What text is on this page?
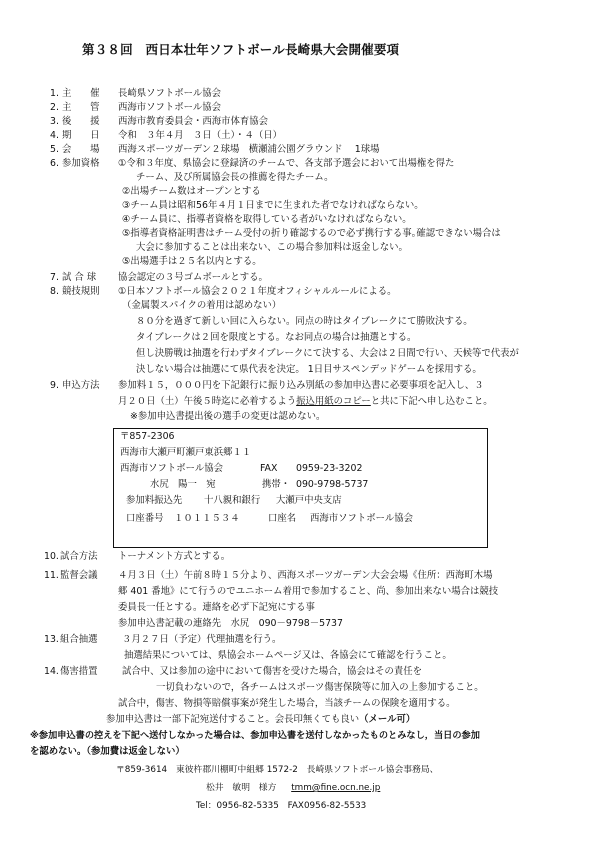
第３８回　西日本壮年ソフトボール長崎県大会開催要項
1. 主　　催 長崎県ソフトボール協会
2. 主　　管 西海市ソフトボール協会
3. 後　　援 西海市教育委員会・西海市体育協会
4. 期　　日 令和　３年４月　３日（土）・４（日）
5. 会　　場 西海スポーツガーデン２球場　横瀬浦公園グラウンド　 1球場
6. 参加資格 ①令和３年度、県協会に登録済のチームで、各支部予選会において出場権を得た
チーム、及び所属協会長の推薦を得たチーム。
②出場チーム数はオープンとする
③チーム員は昭和56年４月１日までに生まれた者でなければならない。
④チーム員に、指導者資格を取得している者がいなければならない。
⑤指導者資格証明書はチーム受付の折り確認するので必ず携行する事｡確認できない場合は
大会に参加することは出来ない、この場合参加料は返金しない。
⑤出場選手は２５名以内とする。
7. 試 合 球 協会認定の３号ゴムボールとする。
8. 競技規則 ①日本ソフトボール協会２０２１年度オフィシャルルールによる。
（金属製スパイクの着用は認めない）
８０分を過ぎて新しい回に入らない。同点の時はタイブレークにて勝敗決する。
タイブレークは２回を限度とする。なお同点の場合は抽選とする。
但し決勝戦は抽選を行わずタイブレークにて決する、大会は２日間で行い、天候等で代表が
決しない場合は抽選にて県代表を決定。 1日目サスペンデッドゲームを採用する。
9. 申込方法 参加料１５，０００円を下記銀行に振り込み別紙の参加申込書に必要事項を記入し、３
月２０日（土）午後５時迄に必着するよう振込用紙のコピーと共に下記へ申し込むこと。
※参加申込書提出後の選手の変更は認めない。
〒857-2306
西海市大瀬戸町瀬戸東浜郷１１
西海市ソフトボール協会	FAX 0959-23-3202
水尻　陽一　宛	携帯・ 090-9798-5737
参加料振込先 十八親和銀行 大瀬戸中央支店
口座番号 １０１１５３４	口座名 西海市ソフトボール協会
10. 試合方法 トーナメント方式とする。
11. 監督会議 ４月３日（土）午前８時１５分より、西海スポーツガーデン大会会場《住所：西海町木場
郷 401 番地》にて行うのでユニホーム着用で参加すること、尚、参加出来ない場合は競技
委員長一任とする。連絡を必ず下記宛にする事
参加申込書記載の連絡先　水尻　090－9798－5737
13. 組合抽選	３月２７日（予定）代理抽選を行う。
抽選結果については、県協会ホームページ又は、各協会にて確認を行うこと。
14. 傷害措置	試合中、又は参加の途中において傷害を受けた場合，協会はその責任を
一切負わないので，各チームはスポーツ傷害保険等に加入の上参加すること。
試合中，傷害、物損等賠償事案が発生した場合，当該チームの保険を適用する。
参加申込書は一部下記宛送付すること。会長印無くても良い（メール可）
※参加申込書の控えを下記へ送付しなかった場合は、参加申込書を送付しなかったものとみなし，当日の参加
を認めない。（参加費は返金しない）
〒859-3614　東彼杵郡川棚町中組郷 1572-2　長崎県ソフトボール協会事務局、
松井　敏明　様方 tmm@fine.ocn.ne.jp
Tel：0956-82-5335　FAX0956-82-5533
